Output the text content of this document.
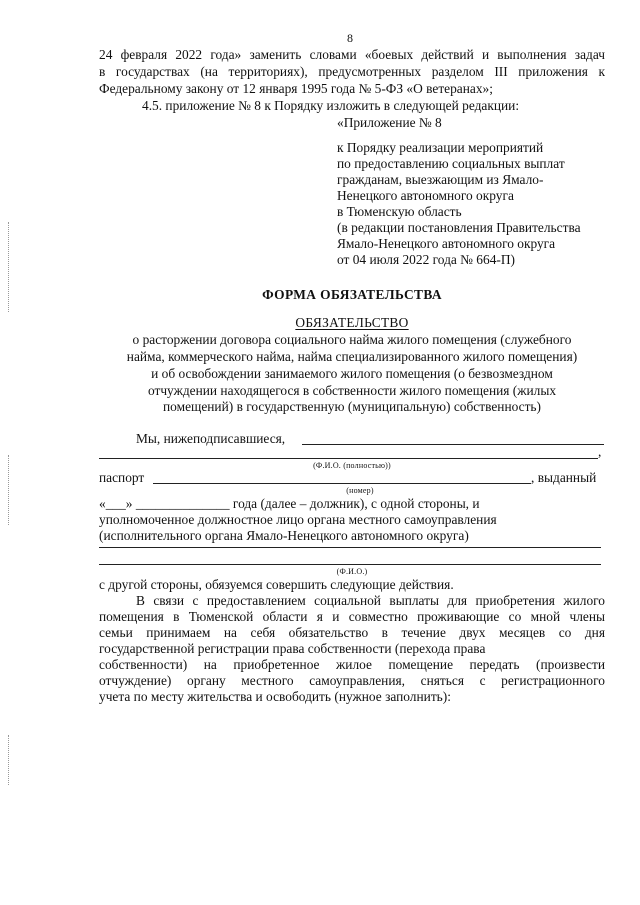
8
24 февраля 2022 года» заменить словами «боевых действий и выполнения задач
в государствах (на территориях), предусмотренных разделом III приложения к
Федеральному закону от 12 января 1995 года № 5-ФЗ «О ветеранах»;
4.5. приложение № 8 к Порядку изложить в следующей редакции:
«Приложение № 8
к Порядку реализации мероприятий
по предоставлению социальных выплат
гражданам, выезжающим из Ямало-
Ненецкого автономного округа
в Тюменскую область
(в редакции постановления Правительства
Ямало-Ненецкого автономного округа
от 04 июля 2022 года № 664-П)
ФОРМА ОБЯЗАТЕЛЬСТВА
ОБЯЗАТЕЛЬСТВО
о расторжении договора социального найма жилого помещения (служебного
найма, коммерческого найма, найма специализированного жилого помещения)
и об освобождении занимаемого жилого помещения (о безвозмездном
отчуждении находящегося в собственности жилого помещения (жилых
помещений) в государственную (муниципальную) собственность)
Мы, нижеподписавшиеся,
,
(Ф.И.О. (полностью))
паспорт	, выданный
(номер)
«___» ______________ года (далее – должник), с одной стороны, и
уполномоченное должностное лицо органа местного самоуправления
(исполнительного органа Ямало-Ненецкого автономного округа)
(Ф.И.О.)
с другой стороны, обязуемся совершить следующие действия.
В связи с предоставлением социальной выплаты для приобретения жилого
помещения в Тюменской области я и совместно проживающие со мной члены
семьи принимаем на себя обязательство в течение двух месяцев со дня
государственной регистрации права собственности (перехода права
собственности) на приобретенное жилое помещение передать (произвести
отчуждение) органу местного самоуправления, сняться с регистрационного
учета по месту жительства и освободить (нужное заполнить):
